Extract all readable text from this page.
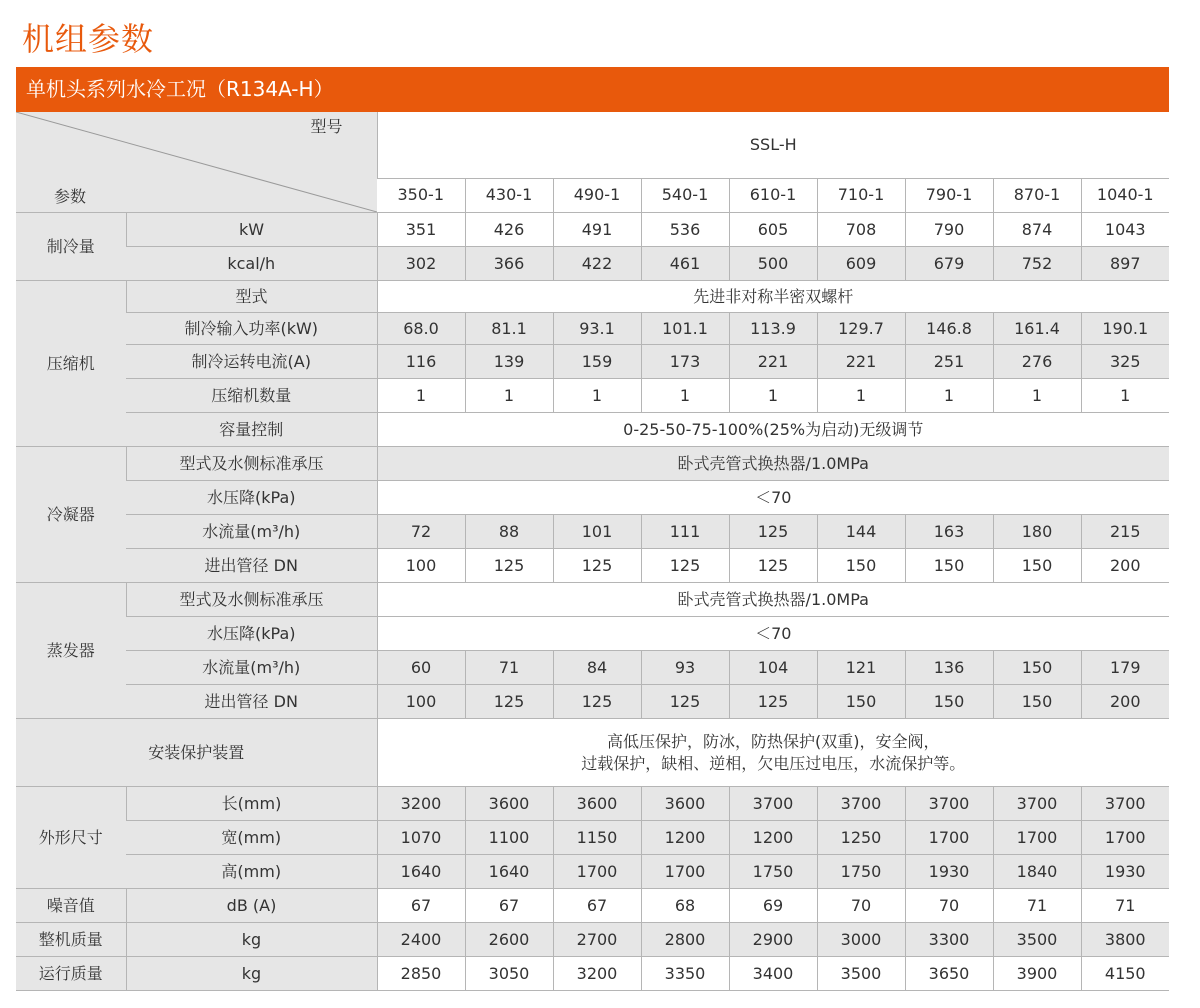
机组参数
单机头系列水冷工况（R134A-H）
型号
参数		SSL-H								
		350-1	430-1	490-1	540-1	610-1	710-1	790-1	870-1	1040-1
制冷量	kW	351	426	491	536	605	708	790	874	1043
	kcal/h	302	366	422	461	500	609	679	752	897
压缩机	型式	先进非对称半密双螺杆								
	制冷输入功率(kW)	68.0	81.1	93.1	101.1	113.9	129.7	146.8	161.4	190.1
	制冷运转电流(A)	116	139	159	173	221	221	251	276	325
	压缩机数量	1	1	1	1	1	1	1	1	1
	容量控制	0-25-50-75-100%(25%为启动)无级调节								
冷凝器	型式及水侧标准承压	卧式壳管式换热器/1.0MPa								
	水压降(kPa)	＜70								
	水流量(m³/h)	72	88	101	111	125	144	163	180	215
	进出管径 DN	100	125	125	125	125	150	150	150	200
蒸发器	型式及水侧标准承压	卧式壳管式换热器/1.0MPa								
	水压降(kPa)	＜70								
	水流量(m³/h)	60	71	84	93	104	121	136	150	179
	进出管径 DN	100	125	125	125	125	150	150	150	200
安装保护装置		高低压保护，防冰，防热保护(双重)，安全阀，
过载保护，缺相、逆相，欠电压过电压，水流保护等。								

外形尺寸	长(mm)	3200	3600	3600	3600	3700	3700	3700	3700	3700
	宽(mm)	1070	1100	1150	1200	1200	1250	1700	1700	1700
	高(mm)	1640	1640	1700	1700	1750	1750	1930	1840	1930
噪音值	dB (A)	67	67	67	68	69	70	70	71	71
整机质量	kg	2400	2600	2700	2800	2900	3000	3300	3500	3800
运行质量	kg	2850	3050	3200	3350	3400	3500	3650	3900	4150
